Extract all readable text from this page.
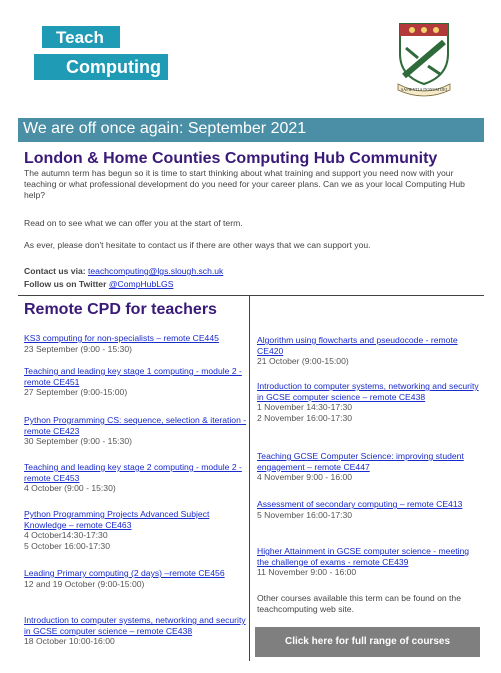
Teach
Computing
SAPIENTIA DONUM DEI
We are off once again: September 2021
London & Home Counties Computing Hub Community
The autumn term has begun so it is time to start thinking about what training and support you need now with your teaching or what professional development do you need for your career plans. Can we as your local Computing Hub help?
Read on to see what we can offer you at the start of term.
As ever, please don't hesitate to contact us if there are other ways that we can support you.
Contact us via: teachcomputing@lgs.slough.sch.uk
Follow us on Twitter @CompHubLGS
Remote CPD for teachers
KS3 computing for non-specialists – remote CE445
23 September (9:00 - 15:30)
Teaching and leading key stage 1 computing - module 2 - remote CE451
27 September (9:00-15:00)
Python Programming CS: sequence, selection & iteration - remote CE423
30 September (9:00 - 15:30)
Teaching and leading key stage 2 computing - module 2 - remote CE453
4 October (9:00 - 15:30)
Python Programming Projects Advanced Subject Knowledge – remote CE463
4 October14:30-17:30
5 October 16:00-17:30
Leading Primary computing (2 days) –remote CE456
12 and 19 October (9:00-15:00)
Introduction to computer systems, networking and security in GCSE computer science – remote CE438
18 October 10:00-16:00
Algorithm using flowcharts and pseudocode - remote CE420
21 October (9:00-15:00)
Introduction to computer systems, networking and security in GCSE computer science – remote CE438
1 November 14:30-17:30
2 November 16:00-17:30
Teaching GCSE Computer Science: improving student engagement – remote CE447
4 November 9:00 - 16:00
Assessment of secondary computing – remote CE413
5 November 16:00-17:30
Higher Attainment in GCSE computer science - meeting the challenge of exams - remote CE439
11 November 9:00 - 16:00
Other courses available this term can be found on the teachcomputing web site.
Click here for full range of courses
